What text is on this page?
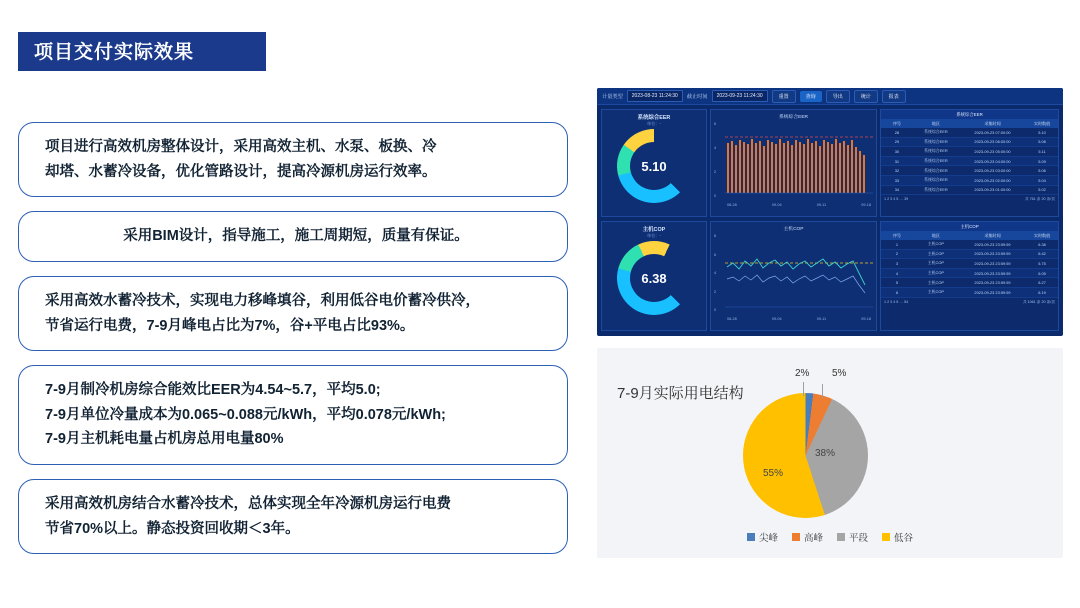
项目交付实际效果
项目进行高效机房整体设计，采用高效主机、水泵、板换、冷
却塔、水蓄冷设备，优化管路设计，提高冷源机房运行效率。
采用BIM设计，指导施工，施工周期短，质量有保证。
采用高效水蓄冷技术，实现电力移峰填谷，利用低谷电价蓄冷供冷，
节省运行电费，7-9月峰电占比为7%，谷+平电占比93%。
7-9月制冷机房综合能效比EER为4.54~5.7，平均5.0;
7-9月单位冷量成本为0.065~0.088元/kWh，平均0.078元/kWh;
7-9月主机耗电量占机房总用电量80%
采用高效机房结合水蓄冷技术，总体实现全年冷源机房运行电费
节省70%以上。静态投资回收期＜3年。
计量类型	2023-08-23 11:24:30	截止时间	2023-09-23 11:24:30	重置	查询	导出	统计	报表
系统综合EER
单位：-
5.10
主机COP
单位：-
6.38
系统综合EER
6
4
2
0
08-28	09-04	09-11	09-18
主机COP
8
6
4
2
0
08-28	09-04	09-11	09-18
系统综合EER
序号	地区	采集时间	实时数值
28	系统综合EER	2023-09-23 07:00:00	5.10
29	系统综合EER	2023-09-23 06:00:00	5.08
30	系统综合EER	2023-09-23 05:00:00	5.11
31	系统综合EER	2023-09-23 04:00:00	5.09
32	系统综合EER	2023-09-23 03:00:00	5.06
33	系统综合EER	2023-09-23 02:00:00	5.04
34	系统综合EER	2023-09-23 01:00:00	5.02
1 2 3 4 5 … 39	共 761 条 20 条/页
主机COP
序号	地区	采集时间	实时数值
1	主机COP	2023-09-23 23:59:59	6.38
2	主机COP	2023-09-23 23:59:59	6.42
3	主机COP	2023-09-23 23:59:59	5.75
4	主机COP	2023-09-23 23:59:59	6.05
5	主机COP	2023-09-23 23:59:59	6.27
6	主机COP	2023-09-23 23:59:59	6.19
1 2 3 4 5 … 54	共 1061 条 20 条/页
7-9月实际用电结构
2% 5%
38%
55%
尖峰	高峰	平段	低谷
